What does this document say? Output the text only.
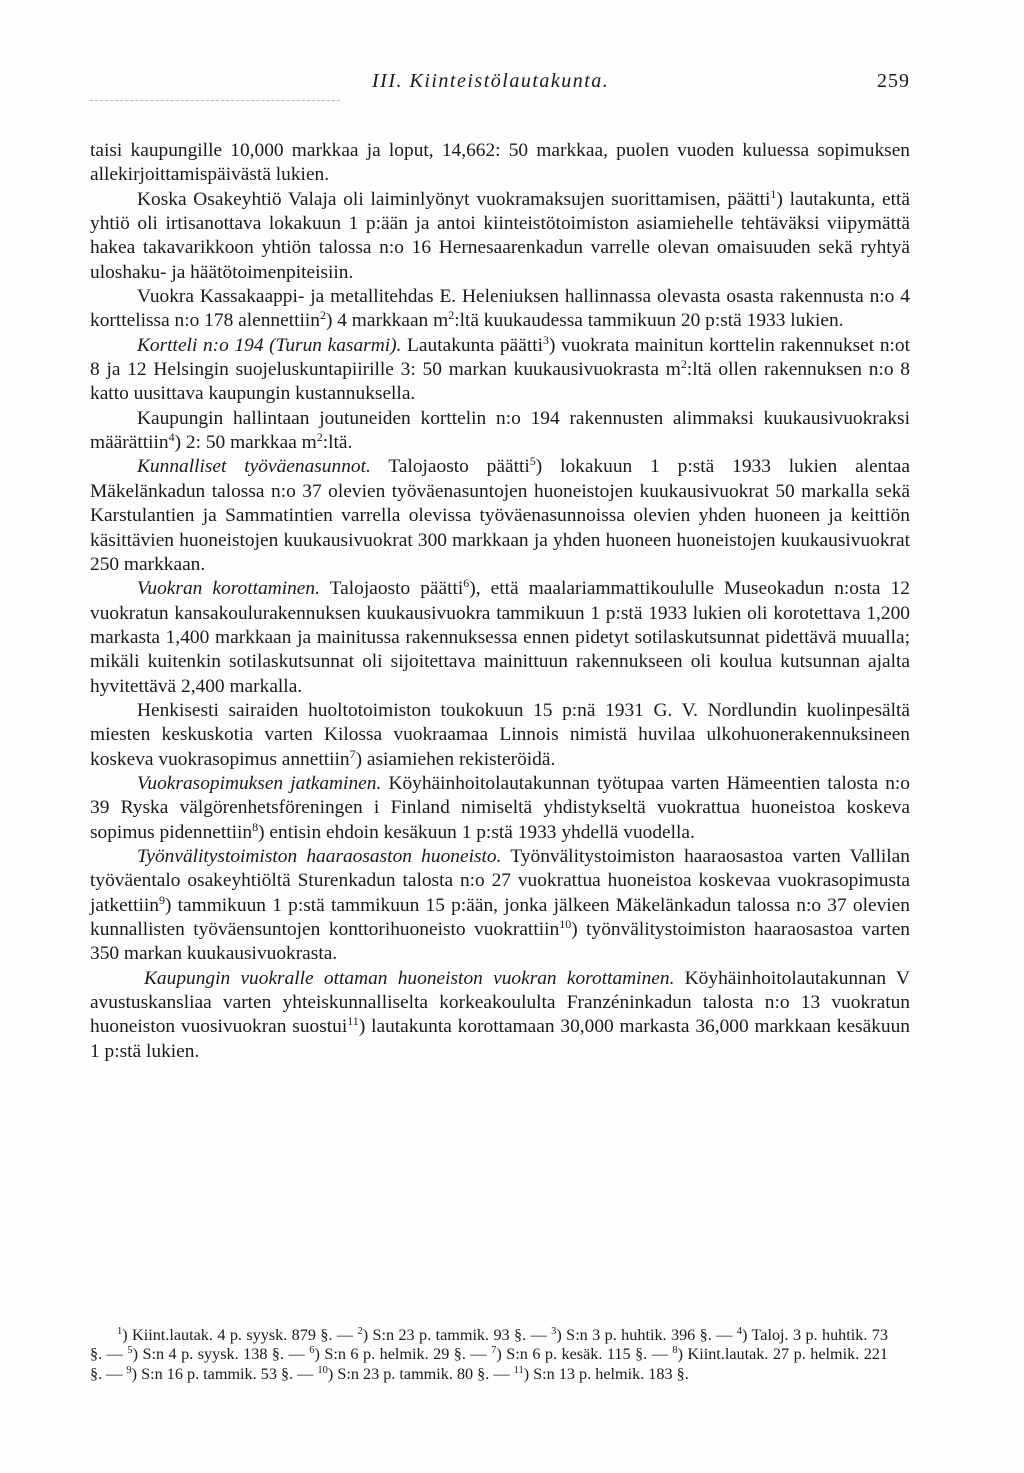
III. Kiinteistölautakunta.	259

taisi kaupungille 10,000 markkaa ja loput, 14,662: 50 markkaa, puolen vuoden kuluessa sopimuksen allekirjoittamispäivästä lukien.

Koska Osakeyhtiö Valaja oli laiminlyönyt vuokramaksujen suorittamisen, päätti$^1$) lautakunta, että yhtiö oli irtisanottava lokakuun 1 p:ään ja antoi kiinteistötoimiston asiamiehelle tehtäväksi viipymättä hakea takavarikkoon yhtiön talossa n:o 16 Hernesaarenkadun varrelle olevan omaisuuden sekä ryhtyä uloshaku- ja häätötoimenpiteisiin.

Vuokra Kassakaappi- ja metallitehdas E. Heleniuksen hallinnassa olevasta osasta rakennusta n:o 4 korttelissa n:o 178 alennettiin$^2$) 4 markkaan $m^2:ltä$ kuukaudessa tammikuun 20 p:stä 1933 lukien.

Kortteli n:o 194 (Turun kasarmi). Lautakunta päätti$^3$) vuokrata mainitun korttelin rakennukset n:ot 8 ja 12 Helsingin suojeluskuntapiirille 3: 50 markan kuukausivuokrasta $m^2:ltä$ ollen rakennuksen n:o 8 katto uusittava kaupungin kustannuksella.

Kaupungin hallintaan joutuneiden korttelin n:o 194 rakennusten alimmaksi kuukausivuokraksi määrättiin$^4$) 2: 50 markkaa $m^2:ltä$.

Kunnalliset työväenasunnot. Talojaosto päätti$^5$) lokakuun 1 p:stä 1933 lukien alentaa Mäkelänkadun talossa n:o 37 olevien työväenasuntojen huoneistojen kuukausivuokrat 50 markalla sekä Karstulantien ja Sammatintien varrella olevissa työväenasunnoissa olevien yhden huoneen ja keittiön käsittävien huoneistojen kuukausivuokrat 300 markkaan ja yhden huoneen huoneistojen kuukausivuokrat 250 markkaan.

Vuokran korottaminen. Talojaosto päätti$^6$), että maalariammattikoululle Museokadun n:osta 12 vuokratun kansakoulurakennuksen kuukausivuokra tammikuun 1 p:stä 1933 lukien oli korotettava 1,200 markasta 1,400 markkaan ja mainitussa rakennuksessa ennen pidetyt sotilaskutsunnat pidettävä muualla; mikäli kuitenkin sotilaskutsunnat oli sijoitettava mainittuun rakennukseen oli koulua kutsunnan ajalta hyvitettävä 2,400 markalla.

Henkisesti sairaiden huoltotoimiston toukokuun 15 p:nä 1931 G. V. Nordlundin kuolinpesältä miesten keskuskotia varten Kilossa vuokraamaa Linnois nimistä huvilaa ulkohuonerakennuksineen koskeva vuokrasopimus annettiin$^7$) asiamiehen rekisteröidä.

Vuokrasopimuksen jatkaminen. Köyhäinhoitolautakunnan työtupaa varten Hämeentien talosta n:o 39 Ryska välgörenhetsföreningen i Finland nimiseltä yhdistykseltä vuokrattua huoneistoa koskeva sopimus pidennettiin$^8$) entisin ehdoin kesäkuun 1 p:stä 1933 yhdellä vuodella.

Työnvälitystoimiston haaraosaston huoneisto. Työnvälitystoimiston haaraosastoa varten Vallilan työväentalo osakeyhtiöltä Sturenkadun talosta n:o 27 vuokrattua huoneistoa koskevaa vuokrasopimusta jatkettiin$^9$) tammikuun 1 p:stä tammikuun 15 p:ään, jonka jälkeen Mäkelänkadun talossa n:o 37 olevien kunnallisten työväensuntojen konttorihuoneisto vuokrattiin$^{10}$) työnvälitystoimiston haaraosastoa varten 350 markan kuukausivuokrasta.

Kaupungin vuokralle ottaman huoneiston vuokran korottaminen. Köyhäinhoitolautakunnan V avustuskansliaa varten yhteiskunnalliselta korkeakoululta Franzéninkadun talosta n:o 13 vuokratun huoneiston vuosivuokran suostui$^{11}$) lautakunta korottamaan 30,000 markasta 36,000 markkaan kesäkuun 1 p:stä lukien.

$^1$) Kiint.lautak. 4 p. syysk. 879 §. — $^2$) S:n 23 p. tammik. 93 §. — $^3$) S:n 3 p. huhtik. 396 §. — $^4$) Taloj. 3 p. huhtik. 73 §. — $^5$) S:n 4 p. syysk. 138 §. — $^6$) S:n 6 p. helmik. 29 §. — $^7$) S:n 6 p. kesäk. 115 §. — $^8$) Kiint.lautak. 27 p. helmik. 221 §. — $^9$) S:n 16 p. tammik. 53 §. — $^{10}$) S:n 23 p. tammik. 80 §. — $^{11}$) S:n 13 p. helmik. 183 §.
